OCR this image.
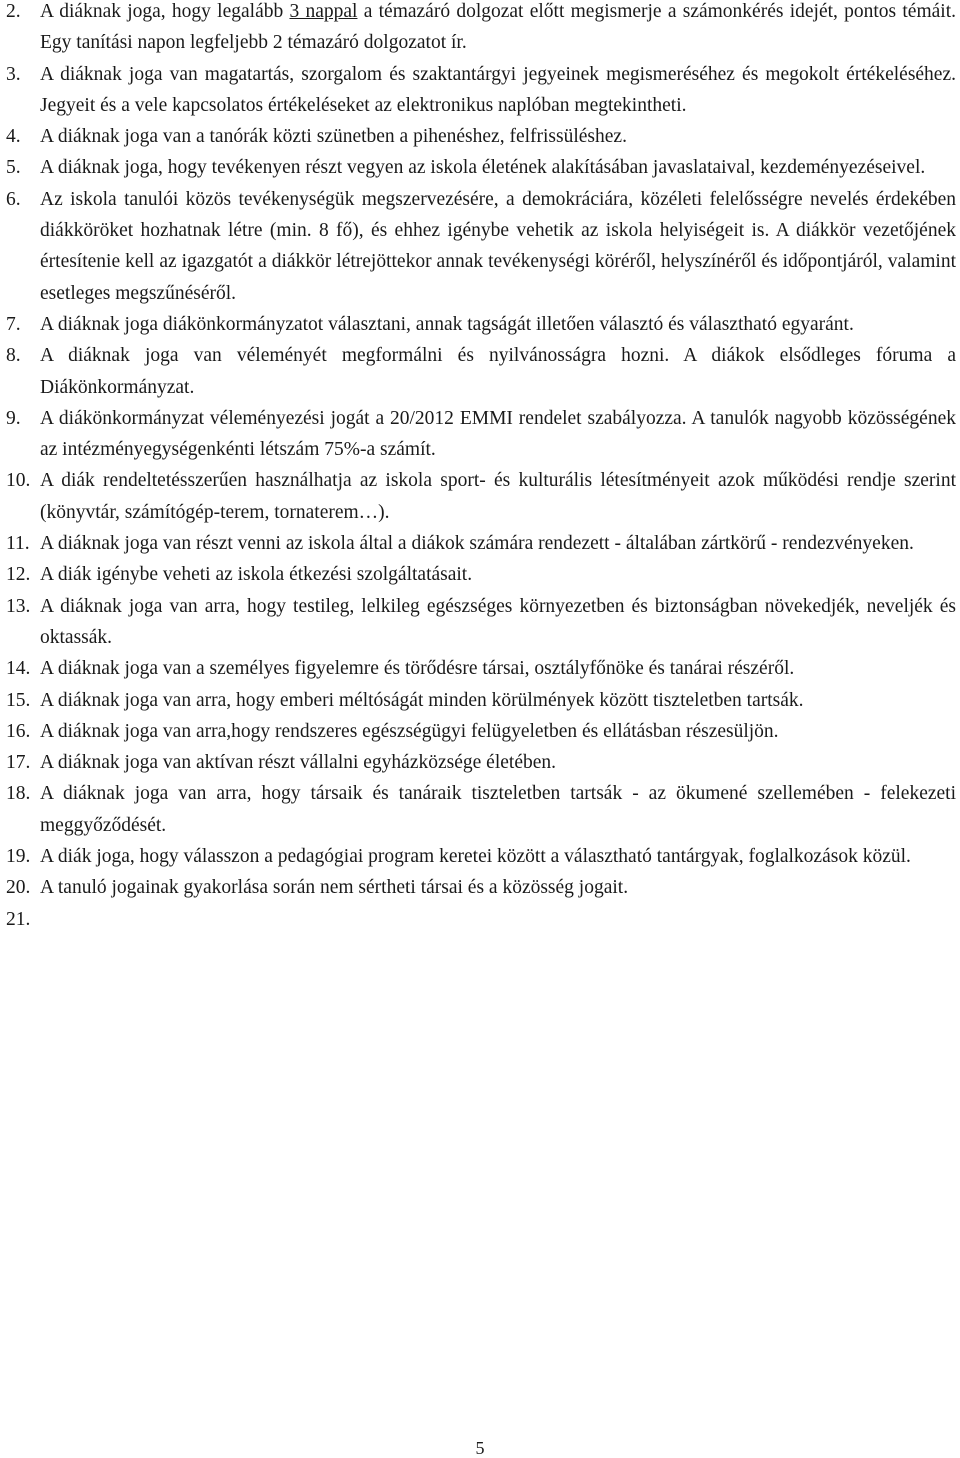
2. A diáknak joga, hogy legalább 3 nappal a témazáró dolgozat előtt megismerje a számonkérés idejét, pontos témáit. Egy tanítási napon legfeljebb 2 témazáró dolgozatot ír.
3. A diáknak joga van magatartás, szorgalom és szaktantárgyi jegyeinek megismeréséhez és megokolt értékeléséhez. Jegyeit és a vele kapcsolatos értékeléseket az elektronikus naplóban megtekintheti.
4. A diáknak joga van a tanórák közti szünetben a pihenéshez, felfrissüléshez.
5. A diáknak joga, hogy tevékenyen részt vegyen az iskola életének alakításában javaslataival, kezdeményezéseivel.
6. Az iskola tanulói közös tevékenységük megszervezésére, a demokráciára, közéleti felelősségre nevelés érdekében diákköröket hozhatnak létre (min. 8 fő), és ehhez igénybe vehetik az iskola helyiségeit is. A diákkör vezetőjének értesítenie kell az igazgatót a diákkör létrejöttekor annak tevékenységi köréről, helyszínéről és időpontjáról, valamint esetleges megszűnéséről.
7. A diáknak joga diákönkormányzatot választani, annak tagságát illetően választó és választható egyaránt.
8. A diáknak joga van véleményét megformálni és nyilvánosságra hozni. A diákok elsődleges fóruma a Diákönkormányzat.
9. A diákönkormányzat véleményezési jogát a 20/2012 EMMI rendelet szabályozza. A tanulók nagyobb közösségének az intézményegységenkénti létszám 75%-a számít.
10. A diák rendeltetésszerűen használhatja az iskola sport- és kulturális létesítményeit azok működési rendje szerint (könyvtár, számítógép-terem, tornaterem…).
11. A diáknak joga van részt venni az iskola által a diákok számára rendezett - általában zártkörű - rendezvényeken.
12. A diák igénybe veheti az iskola étkezési szolgáltatásait.
13. A diáknak joga van arra, hogy testileg, lelkileg egészséges környezetben és biztonságban növekedjék, neveljék és oktassák.
14. A diáknak joga van a személyes figyelemre és törődésre társai, osztályfőnöke és tanárai részéről.
15. A diáknak joga van arra, hogy emberi méltóságát minden körülmények között tiszteletben tartsák.
16. A diáknak joga van arra,hogy rendszeres egészségügyi felügyeletben és ellátásban részesüljön.
17. A diáknak joga van aktívan részt vállalni egyházközsége életében.
18. A diáknak joga van arra, hogy társaik és tanáraik tiszteletben tartsák - az ökumené szellemében - felekezeti meggyőződését.
19. A diák joga, hogy válasszon a pedagógiai program keretei között a választható tantárgyak, foglalkozások közül.
20. A tanuló jogainak gyakorlása során nem sértheti társai és a közösség jogait.
21.
5
